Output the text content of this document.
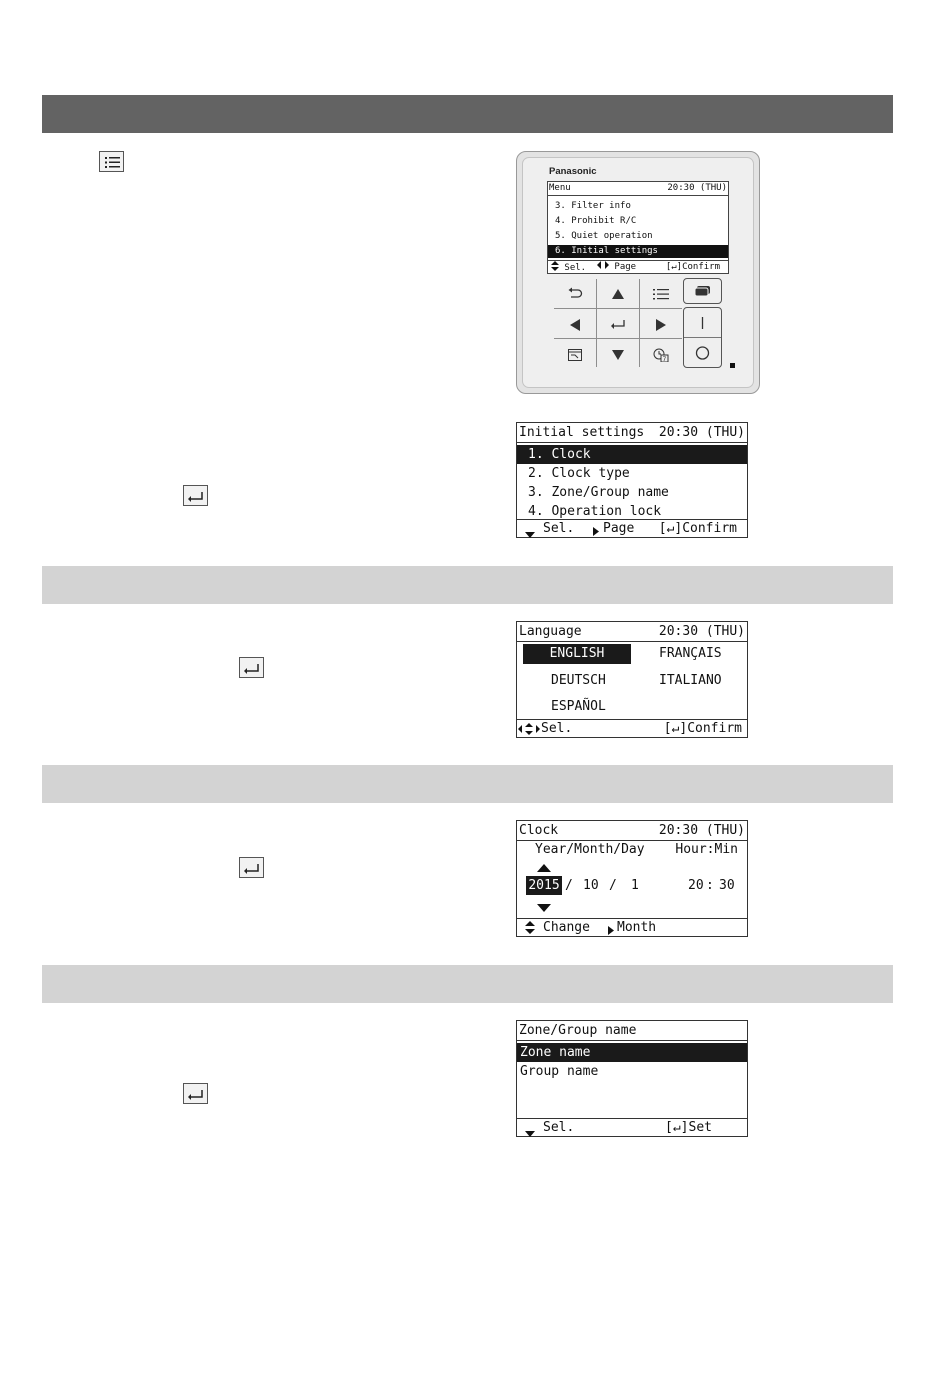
Panasonic
Menu	20:30 (THU)
3. Filter info
4. Prohibit R/C
5. Quiet operation
6. Initial settings
Sel.	Page	[↵]Confirm
7
Initial settings 20:30 (THU)
1. Clock
2. Clock type
3. Zone/Group name
4. Operation lock
Sel. Page [↵]Confirm
Language	20:30 (THU)
ENGLISH	FRANÇAIS
DEUTSCH	ITALIANO
ESPAÑOL
Sel.	[↵]Confirm
Clock	20:30 (THU)
Year/Month/Day Hour:Min
2015 / 10 / 1	20 : 30
Change Month
Zone/Group name
Zone name
Group name
Sel.	[↵]Set
